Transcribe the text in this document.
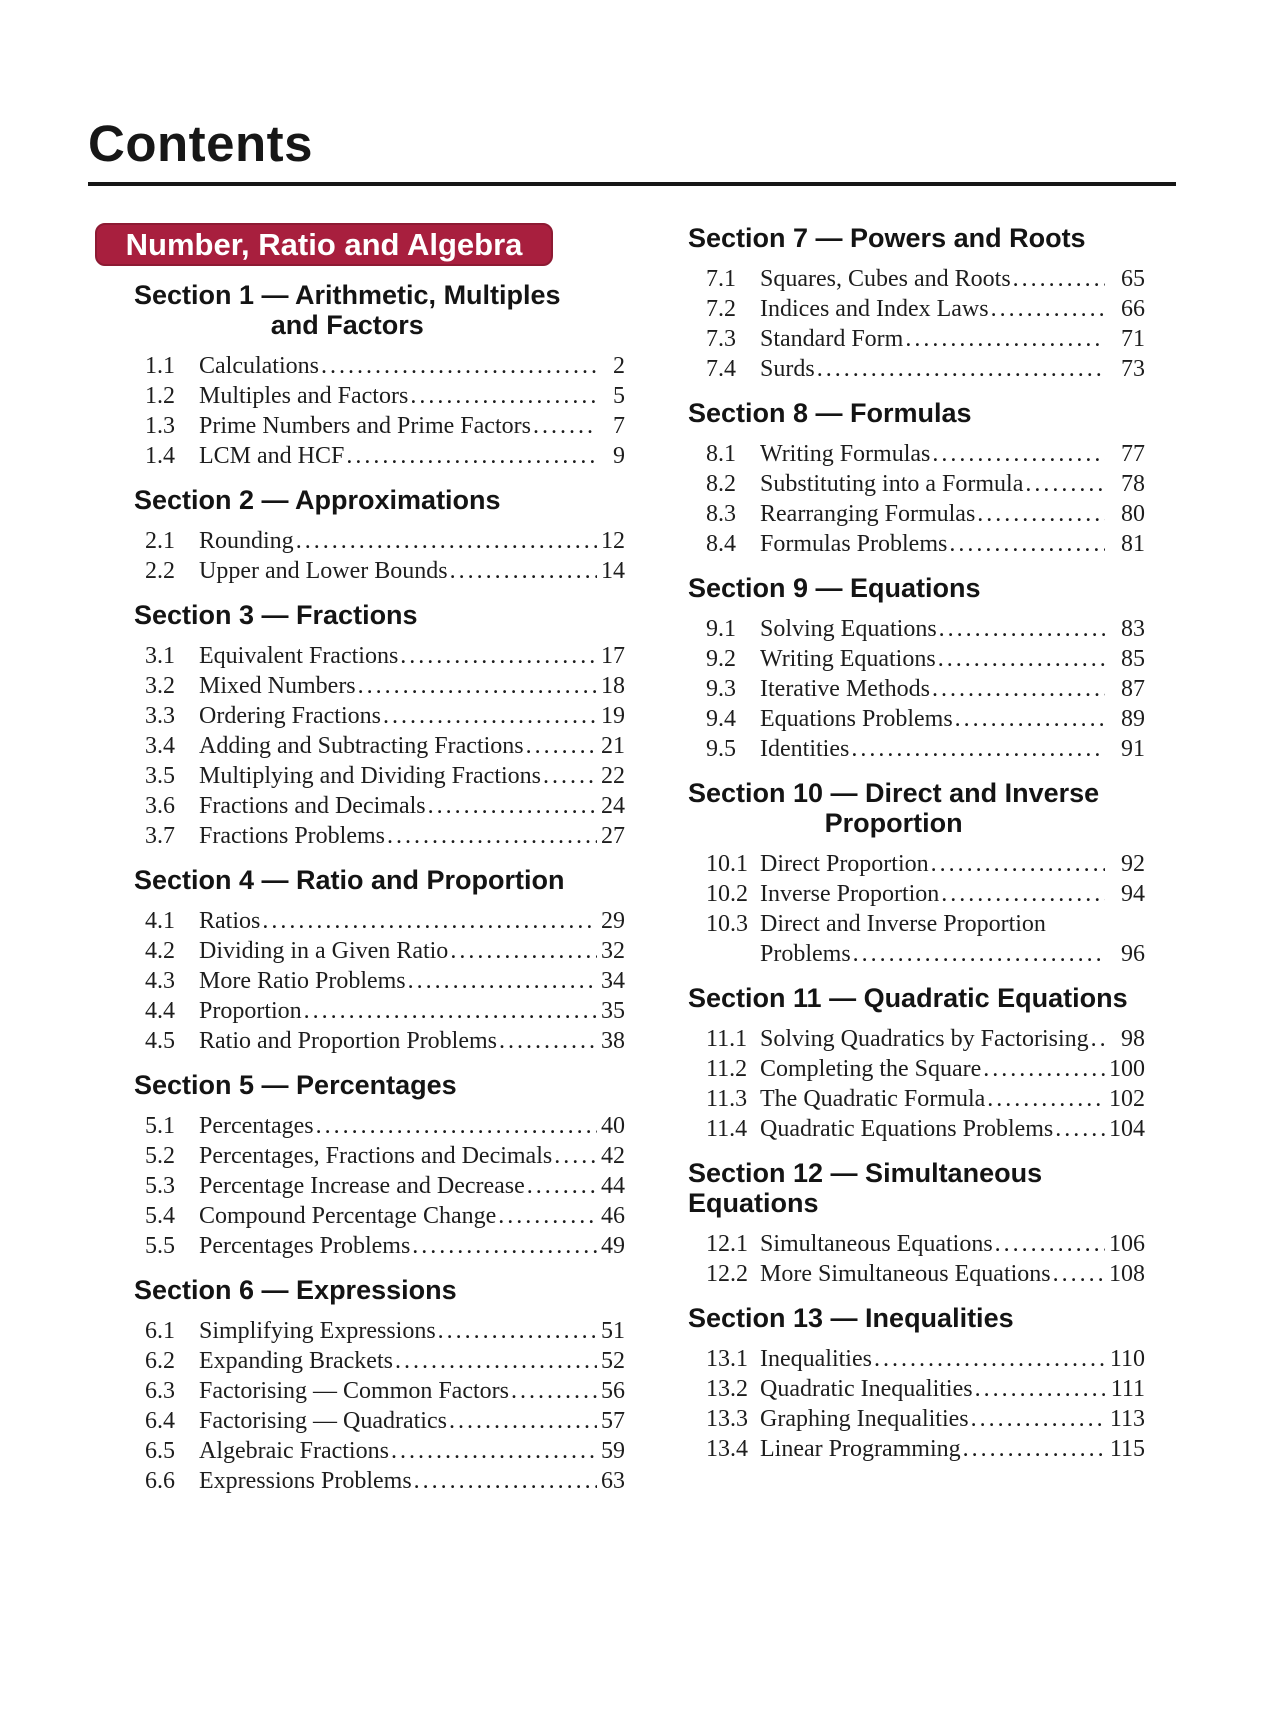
Contents
Number, Ratio and Algebra
Section 1 — Arithmetic, Multiples
and Factors
1.1	Calculations .....	2
1.2	Multiples and Factors .....	5
1.3	Prime Numbers and Prime Factors .....	7
1.4	LCM and HCF .....	9
Section 2 — Approximations
2.1	Rounding .....	12
2.2	Upper and Lower Bounds .....	14
Section 3 — Fractions
3.1	Equivalent Fractions .....	17
3.2	Mixed Numbers .....	18
3.3	Ordering Fractions .....	19
3.4	Adding and Subtracting Fractions .....	21
3.5	Multiplying and Dividing Fractions .....	22
3.6	Fractions and Decimals .....	24
3.7	Fractions Problems .....	27
Section 4 — Ratio and Proportion
4.1	Ratios .....	29
4.2	Dividing in a Given Ratio .....	32
4.3	More Ratio Problems .....	34
4.4	Proportion .....	35
4.5	Ratio and Proportion Problems .....	38
Section 5 — Percentages
5.1	Percentages .....	40
5.2	Percentages, Fractions and Decimals ..... 42
5.3	Percentage Increase and Decrease .....	44
5.4	Compound Percentage Change .....	46
5.5	Percentages Problems .....	49
Section 6 — Expressions
6.1	Simplifying Expressions .....	51
6.2	Expanding Brackets .....	52
6.3	Factorising — Common Factors .....	56
6.4	Factorising — Quadratics .....	57
6.5	Algebraic Fractions .....	59
6.6	Expressions Problems .....	63
Section 7 — Powers and Roots
7.1	Squares, Cubes and Roots .....	65
7.2	Indices and Index Laws .....	66
7.3	Standard Form .....	71
7.4	Surds .....	73
Section 8 — Formulas
8.1	Writing Formulas .....	77
8.2	Substituting into a Formula .....	78
8.3	Rearranging Formulas .....	80
8.4	Formulas Problems .....	81
Section 9 — Equations
9.1	Solving Equations .....	83
9.2	Writing Equations .....	85
9.3	Iterative Methods .....	87
9.4	Equations Problems .....	89
9.5	Identities .....	91
Section 10 — Direct and Inverse
Proportion
10.1 Direct Proportion .....	92
10.2 Inverse Proportion .....	94
10.3 Direct and Inverse Proportion
Problems .....	96
Section 11 — Quadratic Equations
11.1 Solving Quadratics by Factorising .....	98
11.2 Completing the Square .....	100
11.3 The Quadratic Formula .....	102
11.4 Quadratic Equations Problems ..... 104
Section 12 — Simultaneous Equations
12.1 Simultaneous Equations .....	106
12.2 More Simultaneous Equations ..... 108
Section 13 — Inequalities
13.1 Inequalities .....	110
13.2 Quadratic Inequalities .....	111
13.3 Graphing Inequalities .....	113
13.4 Linear Programming .....	115
